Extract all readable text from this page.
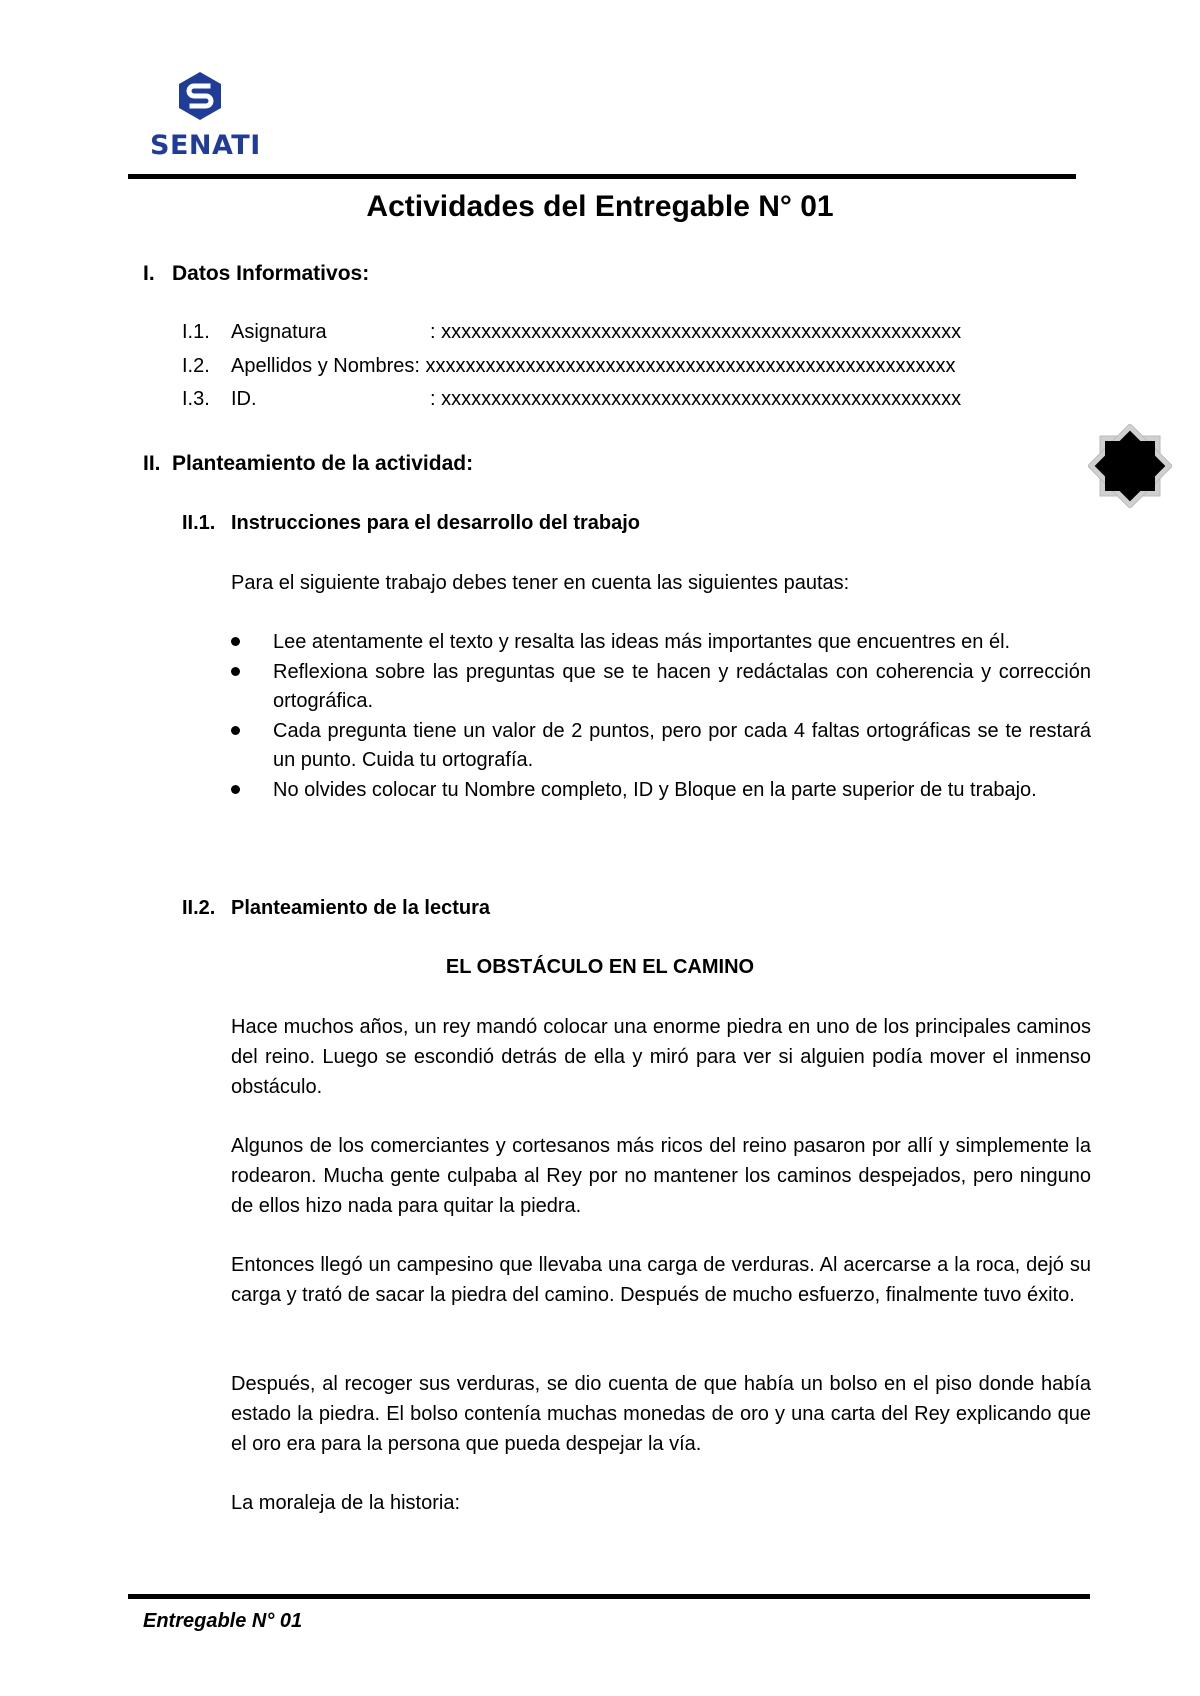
SENATI
Actividades del Entregable N° 01
I. Datos Informativos:
I.1. Asignatura	: xxxxxxxxxxxxxxxxxxxxxxxxxxxxxxxxxxxxxxxxxxxxxxxxxxxx
I.2. Apellidos y Nombres: xxxxxxxxxxxxxxxxxxxxxxxxxxxxxxxxxxxxxxxxxxxxxxxxxxxxx
I.3. ID.	: xxxxxxxxxxxxxxxxxxxxxxxxxxxxxxxxxxxxxxxxxxxxxxxxxxxx
II. Planteamiento de la actividad:
II.1. Instrucciones para el desarrollo del trabajo
Para el siguiente trabajo debes tener en cuenta las siguientes pautas:
Lee atentamente el texto y resalta las ideas más importantes que encuentres en él.
Reflexiona sobre las preguntas que se te hacen y redáctalas con coherencia y corrección ortográfica.
Cada pregunta tiene un valor de 2 puntos, pero por cada 4 faltas ortográficas se te restará un punto. Cuida tu ortografía.
No olvides colocar tu Nombre completo, ID y Bloque en la parte superior de tu trabajo.
II.2. Planteamiento de la lectura
EL OBSTÁCULO EN EL CAMINO
Hace muchos años, un rey mandó colocar una enorme piedra en uno de los principales caminos del reino. Luego se escondió detrás de ella y miró para ver si alguien podía mover el inmenso obstáculo.
Algunos de los comerciantes y cortesanos más ricos del reino pasaron por allí y simplemente la rodearon. Mucha gente culpaba al Rey por no mantener los caminos despejados, pero ninguno de ellos hizo nada para quitar la piedra.
Entonces llegó un campesino que llevaba una carga de verduras. Al acercarse a la roca, dejó su carga y trató de sacar la piedra del camino. Después de mucho esfuerzo, finalmente tuvo éxito.
Después, al recoger sus verduras, se dio cuenta de que había un bolso en el piso donde había estado la piedra. El bolso contenía muchas monedas de oro y una carta del Rey explicando que el oro era para la persona que pueda despejar la vía.
La moraleja de la historia:
Entregable N° 01
